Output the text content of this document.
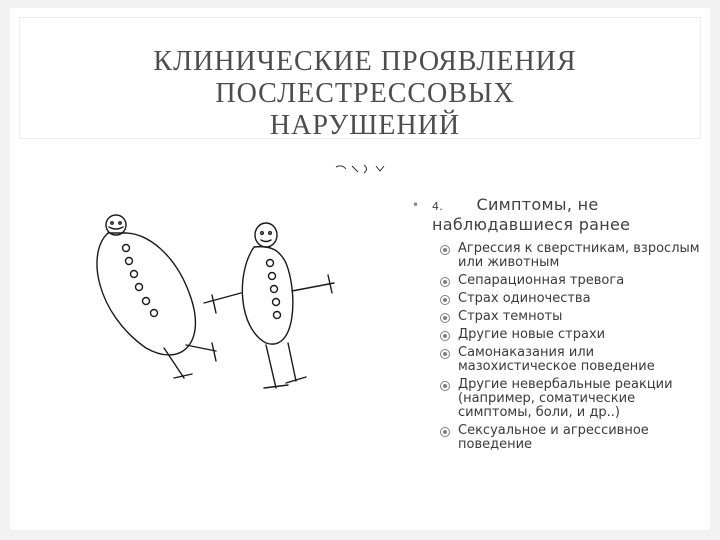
КЛИНИЧЕСКИЕ ПРОЯВЛЕНИЯ ПОСЛЕСТРЕССОВЫХ НАРУШЕНИЙ
• 4. Симптомы, не наблюдавшиеся ранее
Агрессия к сверстникам, взрослым или животным
Сепарационная тревога
Страх одиночества
Страх темноты
Другие новые страхи
Самонаказания или мазохистическое поведение
Другие невербальные реакции (например, соматические симптомы, боли, и др..)
Сексуальное и агрессивное поведение
